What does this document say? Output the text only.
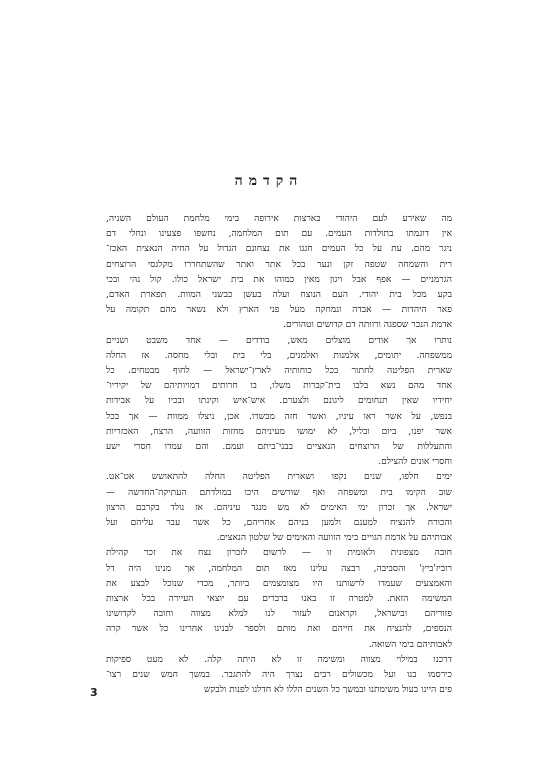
הקדמה
מה שאירע לעם היהודי בארצות אירופה בימי מלחמת העולם השניה,
אין דוגמתו בתולדות העמים. עם תום המלחמה, נחשפו פצעינו ונחלי דם
ניגר מהם. עת על כל העמים חגגו את נצחונם הגדול על החיה הנאצית האכז־
רית והשמחה שטפה זקן ונער בכל אתר ואתר שהשתחררו מקלגסי הרוצחים
הגרמניים — אפף אבל ויגון מאין כמוהו את בית ישראל כולו. קול נהי ובכי
בקע מכל בית יהודי. העם הנוצח ועלה בעשן כבשני המוות. תפארת האדם,
פאר היהדות — אבדה ונמחקה מעל פני הארץ ולא נשאר מהם תקומה על
אדמת הנכר שספגה ורוותה דם קדושים וטהורים.
נותרו אך אודים מוצלים מאש, בודדים — אחד משבט ושניים
ממשפחה. יתומים, אלמנות ואלמנים, בלי בית ובלי מחסה. אז החלה
שארית הפליטה לחתור בכל כוחותיה לארץ־ישראל — לחוף מבטחים. כל
אחד מהם נשא בלבו בית־קברות משלו, בו חרותים דמויותיהם של יקיריו־
יחידיו שאין תנחומים ליגונם ולצערם. איש־איש וקינתו ובכיו על אבידות
בנפש, על אשר ראו עיניו, ואשר חזה מבשרו. אכן, ניצלו ממוות — אך בכל
אשר יפנו, ביום ובליל, לא ימושו מעיניהם מחזות הזוועה, הרצח, האכזריות
והתעללות של הרוצחים הנאציים בבני־ביתם ועמם. והם עמדו חסרי ישע
וחסרי אונים להצילם.
ימים חלפו, שנים נקפו ושארית הפליטה החלה להתאושש אט־אט.
שוב הקימו בית ומשפחה ואף שורשים היכו במולדתם העתיקה־החדשה —
ישראל. אך זכרון ימי האימים לא מש מנגד עיניהם. אז נולד בקרבם הרצון
והכורח להנציח למענם ולמען בניהם אחריהם, כל אשר עבר עליהם ועל
אבותיהם על אדמת הגויים בימי הזוועה והאימים של שלטון הנאצים.
חובה מצפונית ולאומית זו — לרשום לזכרון נצח את זכר קהילת
רוביז'ביץ' והסביבה, רבצה עלינו מאז תום המלחמה, אך מנינו היה דל
והאמצעים שעמדו לרשותנו היו מצומצמים ביותר, מכדי שנוכל לבצע את
המשימה הזאת. למטרה זו באנו בדברים עם יוצאי העיירה בכל ארצות
פזוריהם ובישראל, וקראנום לעזור לנו למלא מצווה וחובה לקדושינו
הנספים, להנציח את חייהם ואת מותם ולספר לבנינו אחרינו כל אשר קרה
לאבותיהם בימי השואה.
דרכנו במילוי מצווה ומשימה זו לא היתה קלה. לא מעט ספיקות
כירסמו בנו ועל מכשולים רבים נצרך היה להתגבר. במשך חמש שנים רצו־
פים היינו בעול משימתנו ובמשך כל השנים הללו לא חדלנו לפנות ולבקש
3
